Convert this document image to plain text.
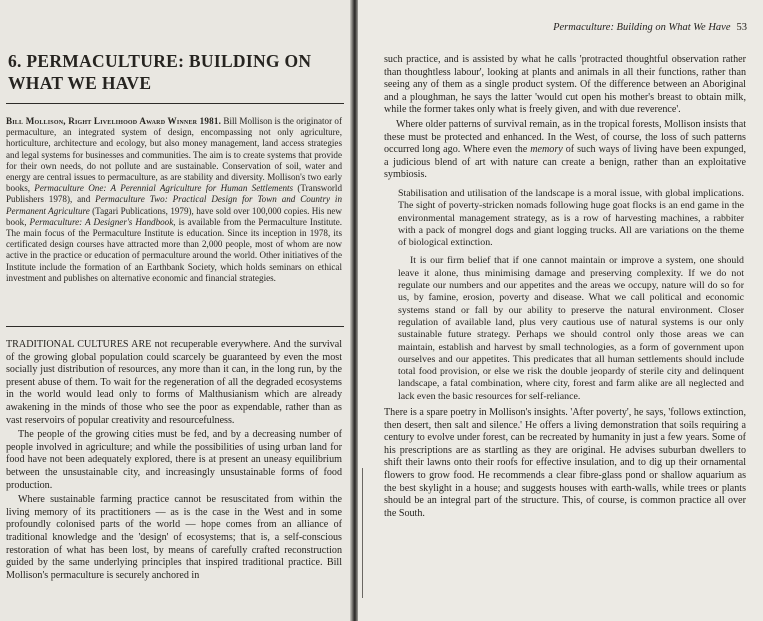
6. PERMACULTURE: BUILDING ON WHAT WE HAVE

Bill Mollison, Right Livelihood Award Winner 1981. Bill Mollison is the originator of permaculture, an integrated system of design, encompassing not only agriculture, horticulture, architecture and ecology, but also money management, land access strategies and legal systems for businesses and communities. The aim is to create systems that provide for their own needs, do not pollute and are sustainable. Conservation of soil, water and energy are central issues to permaculture, as are stability and diversity. Mollison's two early books, Permaculture One: A Perennial Agriculture for Human Settlements (Transworld Publishers 1978), and Permaculture Two: Practical Design for Town and Country in Permanent Agriculture (Tagari Publications, 1979), have sold over 100,000 copies. His new book, Permaculture: A Designer's Handbook, is available from the Permaculture Institute. The main focus of the Permaculture Institute is education. Since its inception in 1978, its certificated design courses have attracted more than 2,000 people, most of whom are now active in the practice or education of permaculture around the world. Other initiatives of the Institute include the formation of an Earthbank Society, which holds seminars on ethical investment and publishes on alternative economic and financial strategies.

TRADITIONAL CULTURES ARE not recuperable everywhere. And the survival of the growing global population could scarcely be guaranteed by even the most socially just distribution of resources, any more than it can, in the long run, by the present abuse of them. To wait for the regeneration of all the degraded ecosystems in the world would lead only to forms of Malthusianism which are already awakening in the minds of those who see the poor as expendable, rather than as vast reservoirs of popular creativity and resourcefulness.

The people of the growing cities must be fed, and by a decreasing number of people involved in agriculture; and while the possibilities of using urban land for food have not been adequately explored, there is at present an uneasy equilibrium between the unsustainable city, and increasingly unsustainable forms of food production.

Where sustainable farming practice cannot be resuscitated from within the living memory of its practitioners — as is the case in the West and in some profoundly colonised parts of the world — hope comes from an alliance of traditional knowledge and the 'design' of ecosystems; that is, a self-conscious restoration of what has been lost, by means of carefully crafted reconstruction guided by the same underlying principles that inspired traditional practice. Bill Mollison's permaculture is securely anchored in

Permaculture: Building on What We Have 53

such practice, and is assisted by what he calls 'protracted thoughtful observation rather than thoughtless labour', looking at plants and animals in all their functions, rather than seeing any of them as a single product system. Of the difference between an Aboriginal and a ploughman, he says the latter 'would cut open his mother's breast to obtain milk, while the former takes only what is freely given, and with due reverence'.

Where older patterns of survival remain, as in the tropical forests, Mollison insists that these must be protected and enhanced. In the West, of course, the loss of such patterns occurred long ago. Where even the memory of such ways of living have been expunged, a judicious blend of art with nature can create a benign, rather than an exploitative symbiosis.

Stabilisation and utilisation of the landscape is a moral issue, with global implications. The sight of poverty-stricken nomads following huge goat flocks is an end game in the environmental management strategy, as is a row of harvesting machines, a rabbiter with a pack of mongrel dogs and giant logging trucks. All are variations on the theme of biological extinction.

It is our firm belief that if one cannot maintain or improve a system, one should leave it alone, thus minimising damage and preserving complexity. If we do not regulate our numbers and our appetites and the areas we occupy, nature will do so for us, by famine, erosion, poverty and disease. What we call political and economic systems stand or fall by our ability to preserve the natural environment. Closer regulation of available land, plus very cautious use of natural systems is our only sustainable future strategy. Perhaps we should control only those areas we can maintain, establish and harvest by small technologies, as a form of government upon ourselves and our appetites. This predicates that all human settlements should include total food provision, or else we risk the double jeopardy of sterile city and delinquent landscape, a fatal combination, where city, forest and farm alike are all neglected and lack even the basic resources for self-reliance.

There is a spare poetry in Mollison's insights. 'After poverty', he says, 'follows extinction, then desert, then salt and silence.' He offers a living demonstration that soils requiring a century to evolve under forest, can be recreated by humanity in just a few years. Some of his prescriptions are as startling as they are original. He advises suburban dwellers to shift their lawns onto their roofs for effective insulation, and to dig up their ornamental flowers to grow food. He recommends a clear fibre-glass pond or shallow aquarium as the best skylight in a house; and suggests houses with earth-walls, while trees or plants should be an integral part of the structure. This, of course, is common practice all over the South.
